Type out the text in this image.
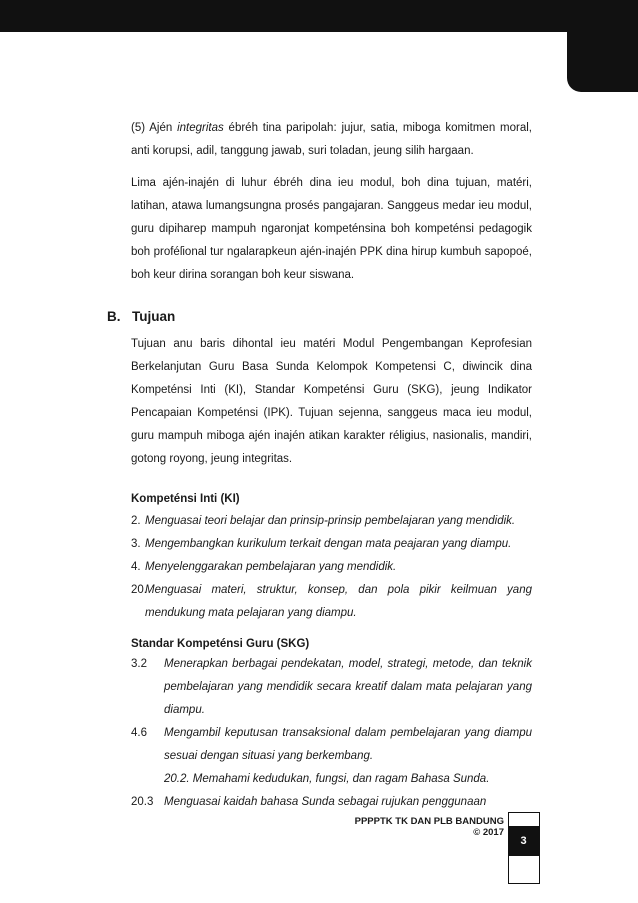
(5) Ajén integritas ébréh tina paripolah: jujur, satia, miboga komitmen moral, anti korupsi, adil, tanggung jawab, suri toladan, jeung silih hargaan.

Lima ajén-inajén di luhur ébréh dina ieu modul, boh dina tujuan, matéri, latihan, atawa lumangsungna prosés pangajaran. Sanggeus medar ieu modul, guru dipiharep mampuh ngaronjat kompeténsina boh kompeténsi pedagogik boh proféſional tur ngalarapkeun ajén-inajén PPK dina hirup kumbuh sapopoé, boh keur dirina sorangan boh keur siswana.

B. Tujuan

Tujuan anu baris dihontal ieu matéri Modul Pengembangan Keprofesian Berkelanjutan Guru Basa Sunda Kelompok Kompetensi C, diwincik dina Kompeténsi Inti (KI), Standar Kompeténsi Guru (SKG), jeung Indikator Pencapaian Kompeténsi (IPK). Tujuan sejenna, sanggeus maca ieu modul, guru mampuh miboga ajén inajén atikan karakter réligius, nasionalis, mandiri, gotong royong, jeung integritas.

Kompeténsi Inti (KI)

2. Menguasai teori belajar dan prinsip-prinsip pembelajaran yang mendidik.
3. Mengembangkan kurikulum terkait dengan mata peajaran yang diampu.
4. Menyelenggarakan pembelajaran yang mendidik.
20.
Menguasai materi, struktur, konsep, dan pola pikir keilmuan yang mendukung mata pelajaran yang diampu.

Standar Kompeténsi Guru (SKG)

3.2 Menerapkan berbagai pendekatan, model, strategi, metode, dan teknik pembelajaran yang mendidik secara kreatif dalam mata pelajaran yang diampu.
4.6 Mengambil keputusan transaksional dalam pembelajaran yang diampu sesuai dengan situasi yang berkembang.
20.2. Memahami kedudukan, fungsi, dan ragam Bahasa Sunda.
20.3 Menguasai kaidah bahasa Sunda sebagai rujukan penggunaan
PPPPTK TK DAN PLB BANDUNG
© 2017
3
